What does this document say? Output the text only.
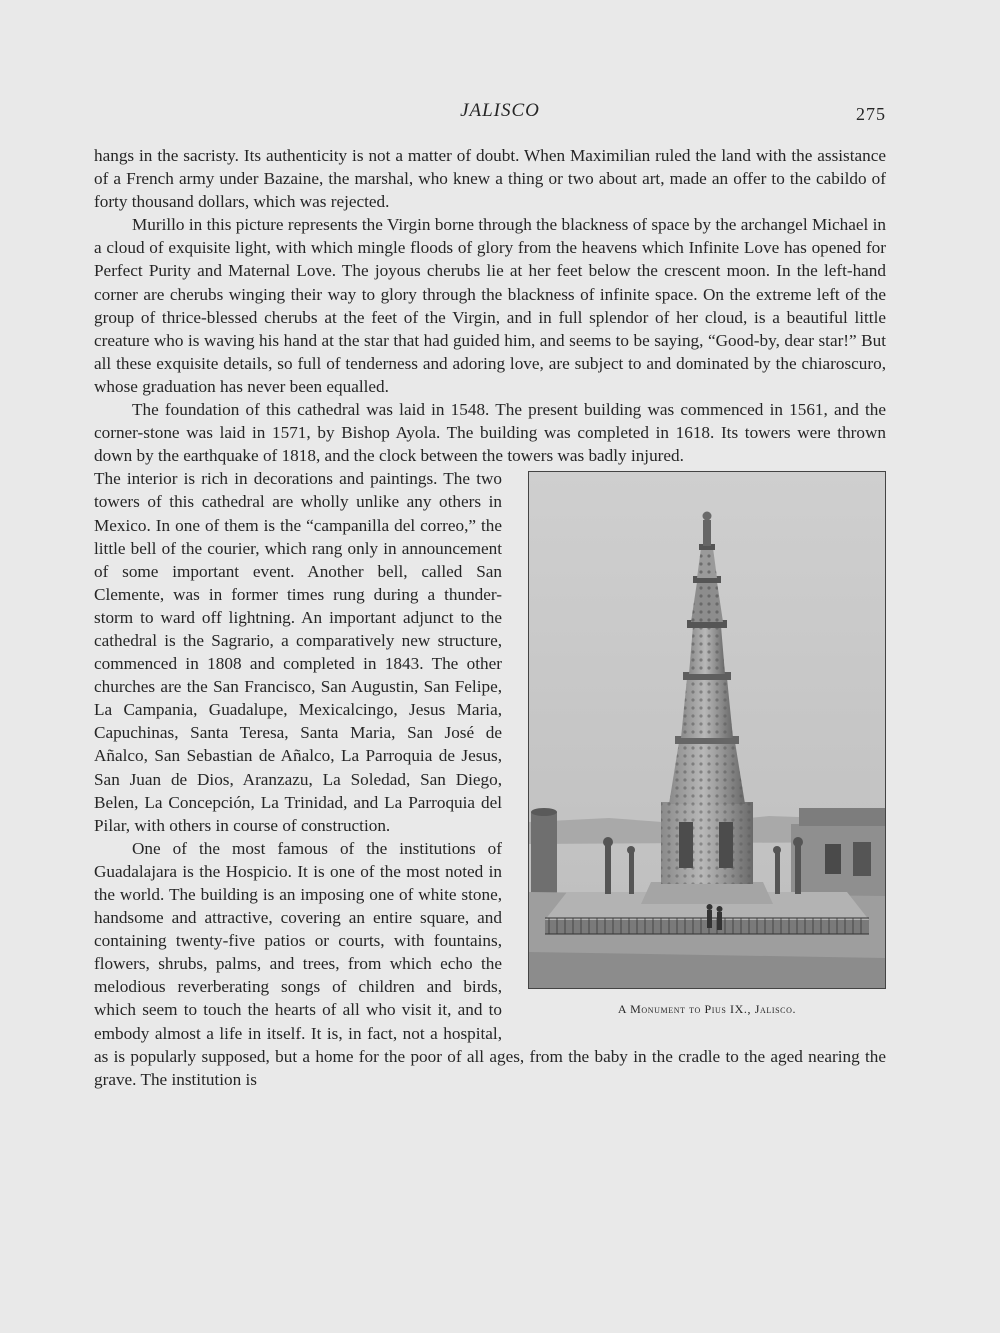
JALISCO	275

hangs in the sacristy. Its authenticity is not a matter of doubt. When Maximilian ruled the land with the assistance of a French army under Bazaine, the marshal, who knew a thing or two about art, made an offer to the cabildo of forty thousand dollars, which was rejected.

Murillo in this picture represents the Virgin borne through the blackness of space by the archangel Michael in a cloud of exquisite light, with which mingle floods of glory from the heavens which Infinite Love has opened for Perfect Purity and Maternal Love. The joyous cherubs lie at her feet below the crescent moon. In the left-hand corner are cherubs winging their way to glory through the blackness of infinite space. On the extreme left of the group of thrice-blessed cherubs at the feet of the Virgin, and in full splendor of her cloud, is a beautiful little creature who is waving his hand at the star that had guided him, and seems to be saying, “Good-by, dear star!” But all these exquisite details, so full of tenderness and adoring love, are subject to and dominated by the chiaroscuro, whose graduation has never been equalled.

The foundation of this cathedral was laid in 1548. The present building was commenced in 1561, and the corner-stone was laid in 1571, by Bishop Ayola. The building was completed in 1618. Its towers were thrown down by the earthquake of 1818, and the clock between the towers was badly injured.

A Monument to Pius IX., Jalisco.

The interior is rich in decorations and paintings. The two towers of this cathedral are wholly unlike any others in Mexico. In one of them is the “campanilla del correo,” the little bell of the courier, which rang only in announcement of some important event. Another bell, called San Clemente, was in former times rung during a thunder-storm to ward off lightning. An important adjunct to the cathedral is the Sagrario, a comparatively new structure, commenced in 1808 and completed in 1843. The other churches are the San Francisco, San Augustin, San Felipe, La Campania, Guadalupe, Mexicalcingo, Jesus Maria, Capuchinas, Santa Teresa, Santa Maria, San José de Añalco, San Sebastian de Añalco, La Parroquia de Jesus, San Juan de Dios, Aranzazu, La Soledad, San Diego, Belen, La Concepción, La Trinidad, and La Parroquia del Pilar, with others in course of construction.

One of the most famous of the institutions of Guadalajara is the Hospicio. It is one of the most noted in the world. The building is an imposing one of white stone, handsome and attractive, covering an entire square, and containing twenty-five patios or courts, with fountains, flowers, shrubs, palms, and trees, from which echo the melodious reverberating songs of children and birds, which seem to touch the hearts of all who visit it, and to embody almost a life in itself. It is, in fact, not a hospital, as is popularly supposed, but a home for the poor of all ages, from the baby in the cradle to the aged nearing the grave. The institution is
